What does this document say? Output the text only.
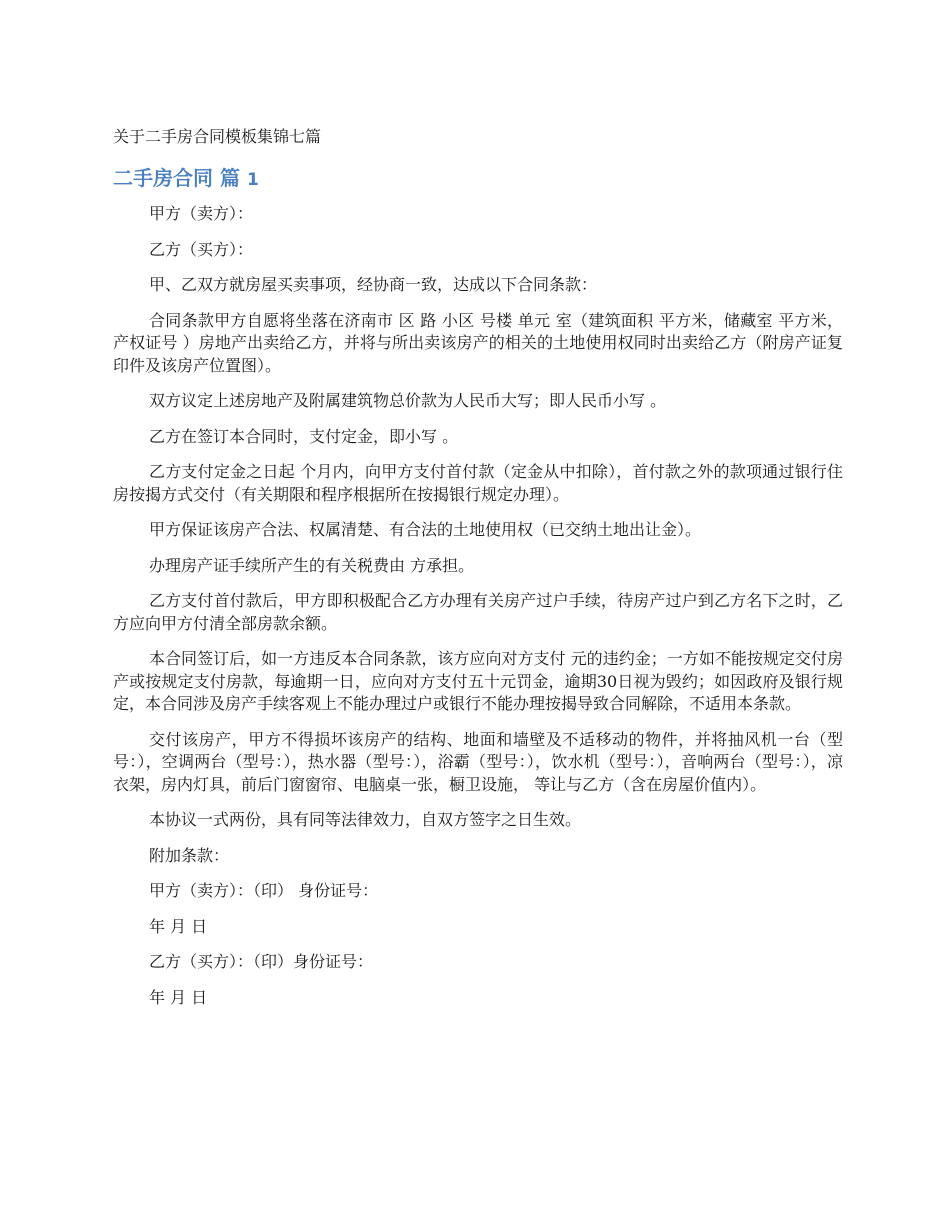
关于二手房合同模板集锦七篇
二手房合同 篇 1

甲方（卖方）：

乙方（买方）：

甲、乙双方就房屋买卖事项，经协商一致，达成以下合同条款：

合同条款甲方自愿将坐落在济南市 区 路 小区 号楼 单元 室（建筑面积 平方米，储藏室 平方米，产权证号 ）房地产出卖给乙方，并将与所出卖该房产的相关的土地使用权同时出卖给乙方（附房产证复印件及该房产位置图）。

双方议定上述房地产及附属建筑物总价款为人民币大写；即人民币小写 。

乙方在签订本合同时，支付定金，即小写 。

乙方支付定金之日起 个月内，向甲方支付首付款（定金从中扣除），首付款之外的款项通过银行住房按揭方式交付（有关期限和程序根据所在按揭银行规定办理）。

甲方保证该房产合法、权属清楚、有合法的土地使用权（已交纳土地出让金）。

办理房产证手续所产生的有关税费由 方承担。

乙方支付首付款后，甲方即积极配合乙方办理有关房产过户手续，待房产过户到乙方名下之时，乙方应向甲方付清全部房款余额。

本合同签订后，如一方违反本合同条款，该方应向对方支付 元的违约金；一方如不能按规定交付房产或按规定支付房款，每逾期一日，应向对方支付五十元罚金，逾期30日视为毁约；如因政府及银行规定，本合同涉及房产手续客观上不能办理过户或银行不能办理按揭导致合同解除，不适用本条款。

交付该房产，甲方不得损坏该房产的结构、地面和墙壁及不适移动的物件，并将抽风机一台（型号：），空调两台（型号：），热水器（型号：），浴霸（型号：），饮水机（型号：），音响两台（型号：），凉衣架，房内灯具，前后门窗窗帘、电脑桌一张，橱卫设施， 等让与乙方（含在房屋价值内）。

本协议一式两份，具有同等法律效力，自双方签字之日生效。

附加条款：

甲方（卖方）：（印） 身份证号：

年 月 日

乙方（买方）：（印）身份证号：

年 月 日
